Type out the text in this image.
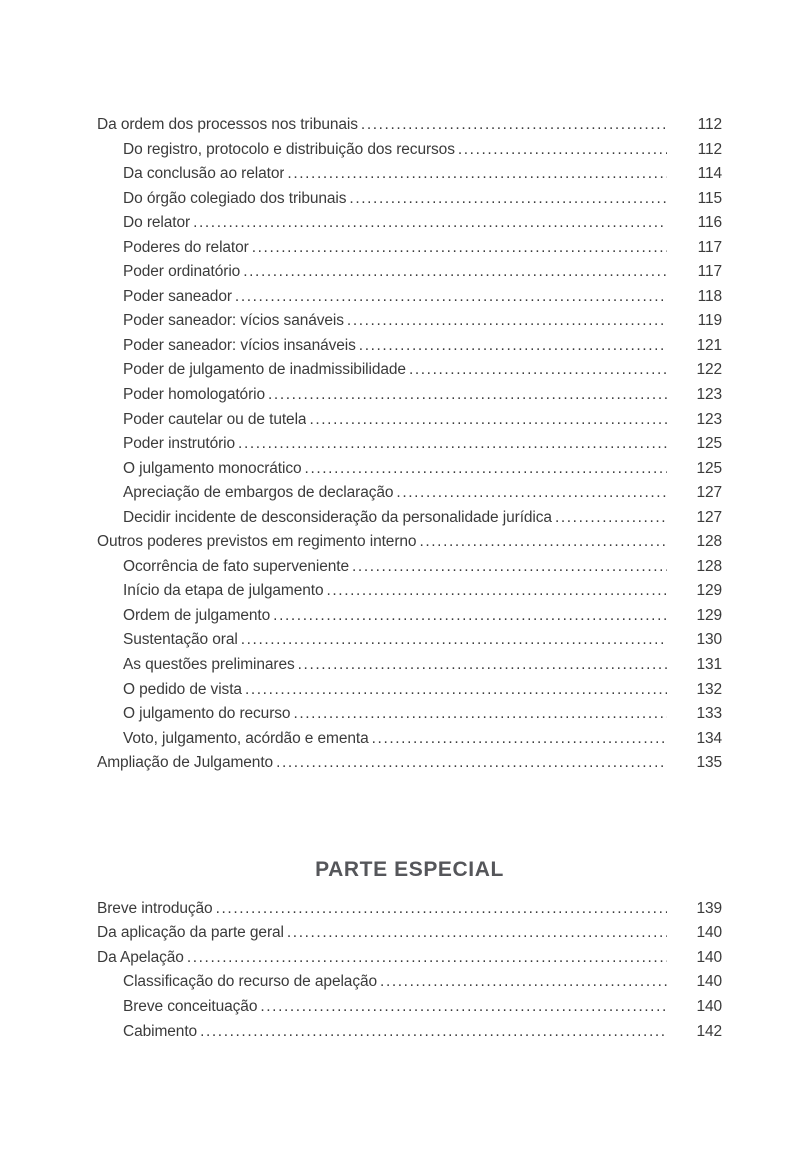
Da ordem dos processos nos tribunais .....	112
Do registro, protocolo e distribuição dos recursos .....	112
Da conclusão ao relator .....	114
Do órgão colegiado dos tribunais .....	115
Do relator .....	116
Poderes do relator .....	117
Poder ordinatório .....	117
Poder saneador .....	118
Poder saneador: vícios sanáveis .....	119
Poder saneador: vícios insanáveis .....	121
Poder de julgamento de inadmissibilidade .....	122
Poder homologatório .....	123
Poder cautelar ou de tutela .....	123
Poder instrutório .....	125
O julgamento monocrático .....	125
Apreciação de embargos de declaração .....	127
Decidir incidente de desconsideração da personalidade jurídica .....	127
Outros poderes previstos em regimento interno .....	128
Ocorrência de fato superveniente .....	128
Início da etapa de julgamento .....	129
Ordem de julgamento .....	129
Sustentação oral .....	130
As questões preliminares .....	131
O pedido de vista .....	132
O julgamento do recurso .....	133
Voto, julgamento, acórdão e ementa .....	134
Ampliação de Julgamento .....	135
PARTE ESPECIAL
Breve introdução .....	139
Da aplicação da parte geral .....	140
Da Apelação .....	140
Classificação do recurso de apelação .....	140
Breve conceituação .....	140
Cabimento .....	142
